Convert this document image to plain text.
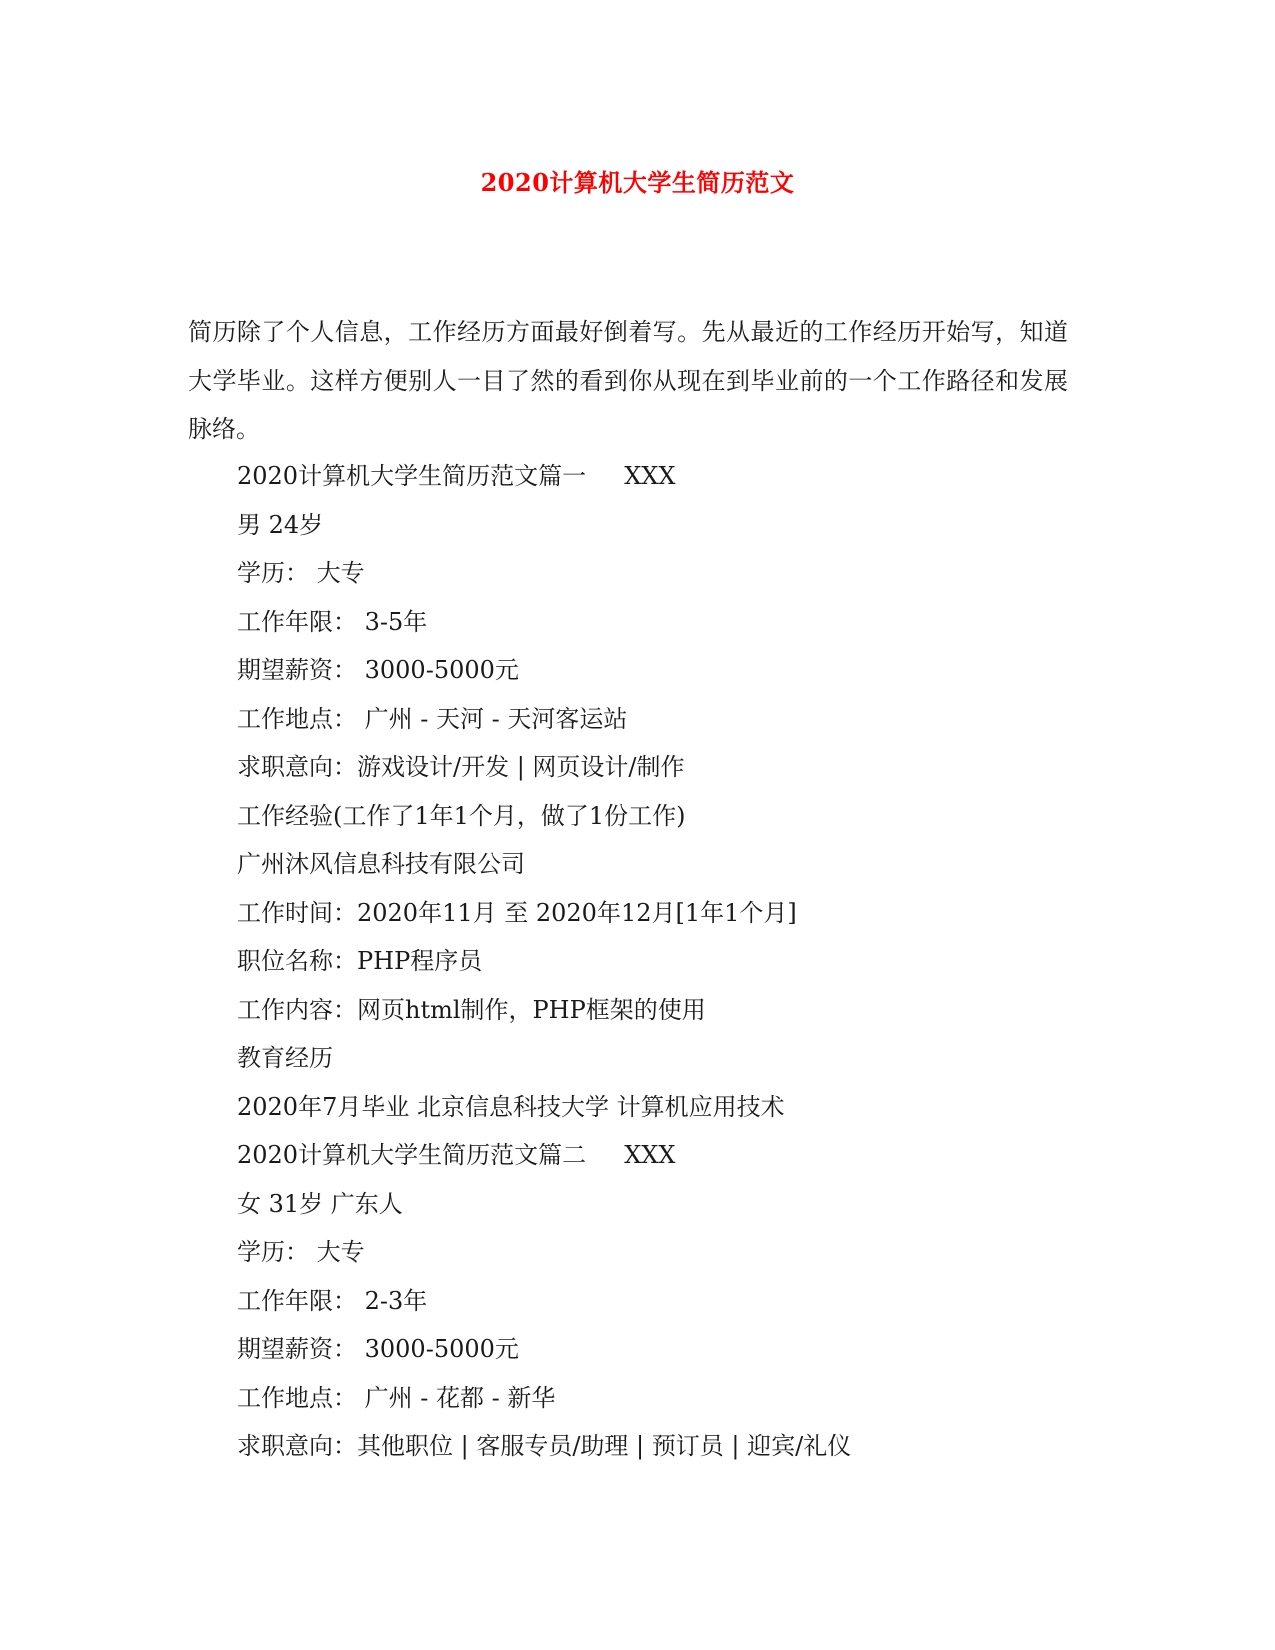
2020计算机大学生简历范文
简历除了个人信息，工作经历方面最好倒着写。先从最近的工作经历开始写，知道大学毕业。这样方便别人一目了然的看到你从现在到毕业前的一个工作路径和发展脉络。
2020计算机大学生简历范文篇一     XXX
男 24岁
学历： 大专
工作年限： 3-5年
期望薪资： 3000-5000元
工作地点： 广州 - 天河 - 天河客运站
求职意向：游戏设计/开发 | 网页设计/制作
工作经验(工作了1年1个月，做了1份工作)
广州沐风信息科技有限公司
工作时间：2020年11月 至 2020年12月[1年1个月]
职位名称：PHP程序员
工作内容：网页html制作，PHP框架的使用
教育经历
2020年7月毕业 北京信息科技大学 计算机应用技术
2020计算机大学生简历范文篇二     XXX
女 31岁 广东人
学历： 大专
工作年限： 2-3年
期望薪资： 3000-5000元
工作地点： 广州 - 花都 - 新华
求职意向：其他职位 | 客服专员/助理 | 预订员 | 迎宾/礼仪
